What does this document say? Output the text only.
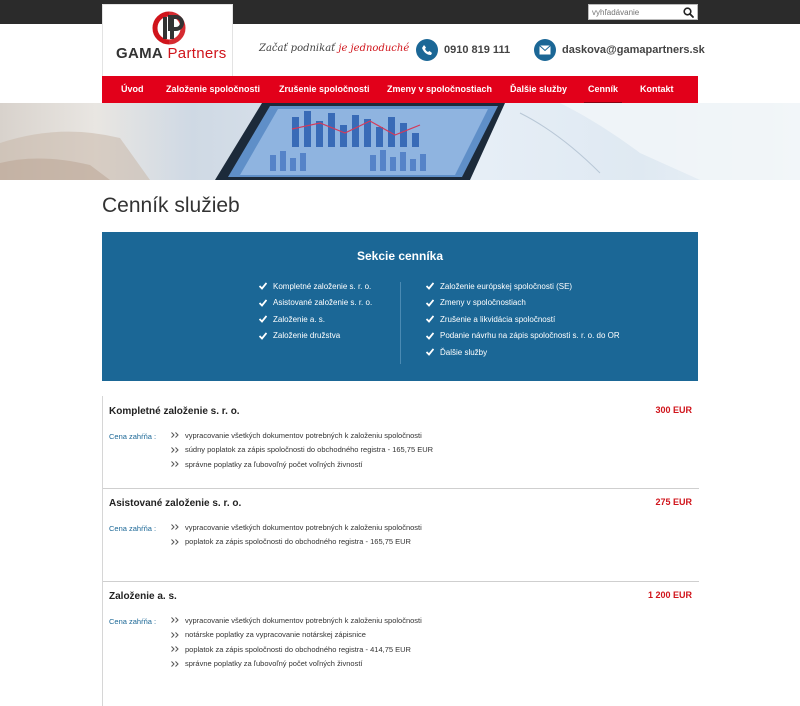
vyhľadávanie
GAMA Partners	Začať podnikať je jednoduché	0910 819 111	daskova@gamapartners.sk
Úvod	Založenie spoločnosti Zrušenie spoločnosti Zmeny v spoločnostiach Ďalšie služby Cenník Kontakt
Cenník služieb
Sekcie cenníka
Kompletné založenie s. r. o.
Asistované založenie s. r. o.
Založenie a. s.
Založenie družstva
Založenie európskej spoločnosti (SE)
Zmeny v spoločnostiach
Zrušenie a likvidácia spoločností
Podanie návrhu na zápis spoločnosti s. r. o. do OR
Ďalšie služby
Kompletné založenie s. r. o.	300 EUR
Cena zahŕňa :	vypracovanie všetkých dokumentov potrebných k založeniu spoločnosti
súdny poplatok za zápis spoločnosti do obchodného registra - 165,75 EUR
správne poplatky za ľubovoľný počet voľných živností
Asistované založenie s. r. o.	275 EUR
Cena zahŕňa :	vypracovanie všetkých dokumentov potrebných k založeniu spoločnosti
poplatok za zápis spoločnosti do obchodného registra - 165,75 EUR
Založenie a. s.	1 200 EUR
Cena zahŕňa :	vypracovanie všetkých dokumentov potrebných k založeniu spoločnosti
notárske poplatky za vypracovanie notárskej zápisnice
poplatok za zápis spoločnosti do obchodného registra - 414,75 EUR
správne poplatky za ľubovoľný počet voľných živností
